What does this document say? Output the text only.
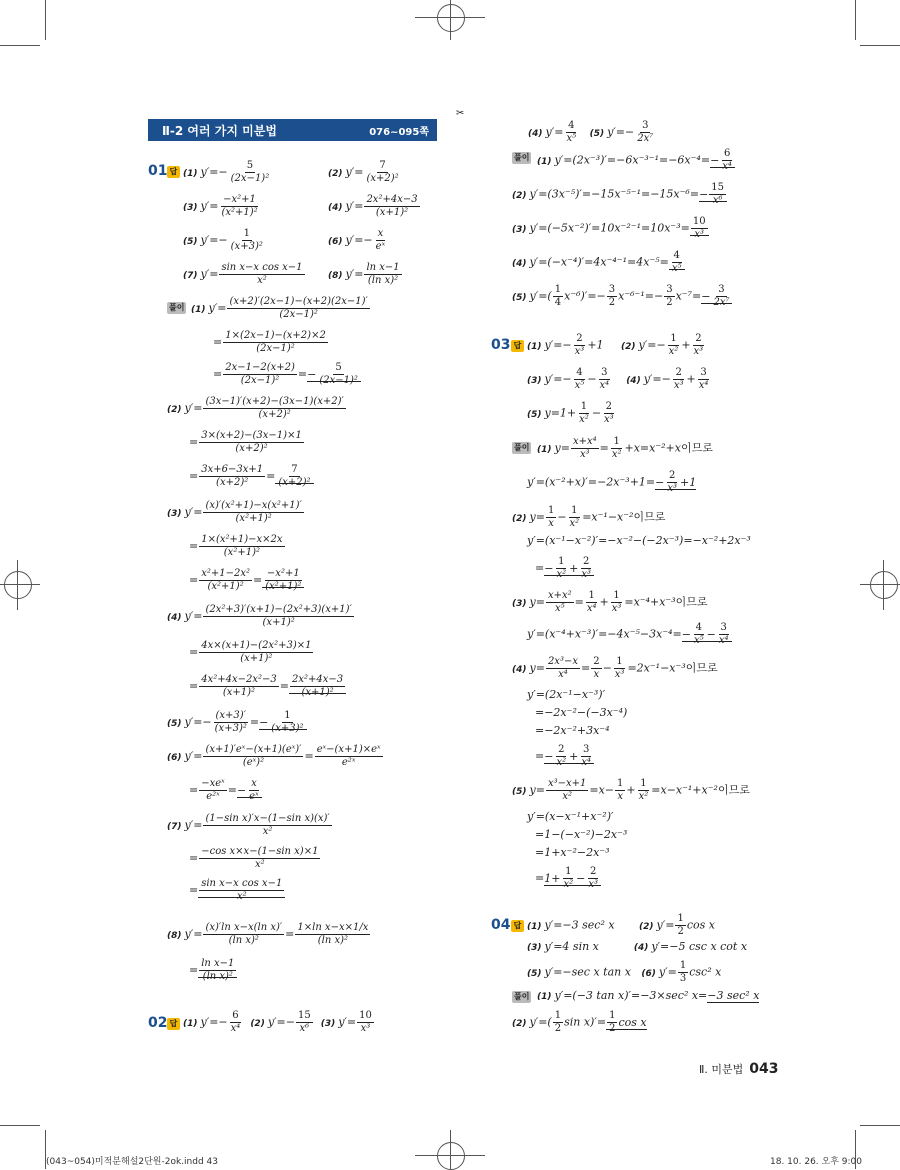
✂
Ⅱ-2 여러 가지 미분법	076~095쪽
01 답 (1) $y'=- \frac{5}{\text{(2x−1)²}}$	(2) $y'= \frac{7}{\text{(x+2)²}}$
(3) $y'= \frac{\text{−x²+1}}{\text{(x²+1)²}}$	(4) $y'= \frac{\text{2x²+4x−3}}{\text{(x+1)²}}$
(5) $y'=- \frac{1}{\text{(x+3)²}}$	(6) $y'=- \frac{x}{\text{eˣ}}$
(7) $y'= \frac{\text{sin x−x cos x−1}}{\text{x²}}$	(8) $y'= \frac{\text{ln x−1}}{\text{(ln x)²}}$
풀이 (1) $y'= \frac{(x+2)'(2x-1)-(x+2)(2x-1)'}{\text{(2x−1)²}}$
= $\frac{1\times(2x-1)-(x+2)\times 2}{\text{(2x−1)²}}$
= $\frac{2x-1-2(x+2)}{\text{(2x−1)²}} =- \frac{5}{\text{(2x−1)²}}$
(2) $y'= \frac{(3x-1)'(x+2)-(3x-1)(x+2)'}{\text{(x+2)²}}$
= $\frac{3\times(x+2)-(3x-1)\times 1}{\text{(x+2)²}}$
= $\frac{3x+6-3x+1}{\text{(x+2)²}} = \frac{7}{\text{(x+2)²}}$
(3) $y'= \frac{\text{(x)′(x²+1)−x(x²+1)′}}{\text{(x²+1)²}}$
= $\frac{\text{1×(x²+1)−x×2x}}{\text{(x²+1)²}}$
= $\frac{\text{x²+1−2x²}}{\text{(x²+1)²}} = \frac{\text{−x²+1}}{\text{(x²+1)²}}$
(4) $y'= \frac{\text{(2x²+3)′(x+1)−(2x²+3)(x+1)′}}{\text{(x+1)²}}$
= $\frac{\text{4x×(x+1)−(2x²+3)×1}}{\text{(x+1)²}}$
= $\frac{\text{4x²+4x−2x²−3}}{\text{(x+1)²}} = \frac{\text{2x²+4x−3}}{\text{(x+1)²}}$
(5) $y'=- \frac{(x+3)'}{\text{(x+3)²}} =- \frac{1}{\text{(x+3)²}}$
(6) $y'= \frac{\text{(x+1)′eˣ−(x+1)(eˣ)′}}{\text{(eˣ)²}} = \frac{\text{eˣ−(x+1)×eˣ}}{\text{e²ˣ}}$
= −xeˣ
e²ˣ =− $\frac{x}{\text{eˣ}}$
(7) $y'= \frac{\text{(1−sin x)′x−(1−sin x)(x)′}}{\text{x²}}$
= $\frac{\text{−cos x×x−(1−sin x)×1}}{\text{x²}}$
= $\frac{\text{sin x−x cos x−1}}{\text{x²}}$
(8) $y'= \frac{\text{(x)′ln x−x(ln x)′}}{\text{(ln x)²}} = \frac{\text{1×ln x−x×1/x}}{\text{(ln x)²}}$
= $\frac{\text{ln x−1}}{\text{(ln x)²}}$
02 답 (1) $y'=- \frac{6}{\text{x⁴}} (2)$ $y'=- \frac{15}{\text{x⁶}} (3)$ $y'= \frac{10}{\text{x³}}$
(4) $y'= \frac{4}{\text{x⁵}} (5)$ $y'=- \frac{3}{\text{2x⁷}}$
풀이 (1) $y'=(2x^{-3})'=-6x^{-3-1}=-6x^{-4}=- \frac{6}{\text{x⁴}}$
(2) $y'=(3x^{-5})'=-15x^{-5-1}=-15x^{-6}=- \frac{15}{\text{x⁶}}$
(3) $y'=(-5x^{-2})'=10x^{-2-1}=10x^{-3}= \frac{10}{\text{x³}}$
(4) $y'=(-x^{-4})'=4x^{-4-1}=4x^{-5}= \frac{4}{\text{x⁵}}$
(5) $y'=( \frac{1}{4} x^{-6})'=- \frac{3}{2} x^{-6-1}=- \frac{3}{2} x^{-7}=- \frac{3}{\text{2x⁷}}$
03 답 (1) $y'=- \frac{2}{\text{x³}} +1$     (2) $y'=- \frac{1}{\text{x²}} + \frac{2}{\text{x³}}$
(3) $y'=- \frac{4}{\text{x⁵}} - \frac{3}{\text{x⁴}} (4)$ $y'=- \frac{2}{\text{x³}} + \frac{3}{\text{x⁴}}$
(5) $y=1+ \frac{1}{\text{x²}} - \frac{2}{\text{x³}}$
풀이 (1) $y= \frac{\text{x+x⁴}}{\text{x³}} = \frac{1}{\text{x²}} +x=x^{-2}+x$이므로
$y'=(x^{-2}+x)'=-2x^{-3}+1=- \frac{2}{\text{x³}} +1$
(2) $y= \frac{1}{x} - \frac{1}{\text{x²}} =x^{-1}-x^{-2}$이므로
y′=(x⁻¹−x⁻²)′=−x⁻²−(−2x⁻³)=−x⁻²+2x⁻³
=− $\frac{1}{\text{x²}} + \frac{2}{\text{x³}}$
(3) $y= \frac{\text{x+x²}}{\text{x⁵}} = \frac{1}{\text{x⁴}} + \frac{1}{\text{x³}} =x^{-4}+x^{-3}$이므로
$y'=(x^{-4}+x^{-3})'=-4x^{-5}-3x^{-4}=- \frac{4}{\text{x⁵}} - \frac{3}{\text{x⁴}}$
(4) $y= \frac{\text{2x³−x}}{\text{x⁴}} = \frac{2}{x} - \frac{1}{\text{x³}} =2x^{-1}-x^{-3}$이므로
y′=(2x⁻¹−x⁻³)′
=−2x⁻²−(−3x⁻⁴)
=−2x⁻²+3x⁻⁴
=− $\frac{2}{\text{x²}} + \frac{3}{\text{x⁴}}$
(5) $y= \frac{\text{x³−x+1}}{\text{x²}} =x- \frac{1}{x} + \frac{1}{\text{x²}} =x-x^{-1}+x^{-2}$이므로
y′=(x−x⁻¹+x⁻²)′
=1−(−x⁻²)−2x⁻³
=1+x⁻²−2x⁻³
$=1+ \frac{1}{\text{x²}} - \frac{2}{\text{x³}}$
04 답 (1) y′=−3 sec² x       (2) $y'= \frac{1}{2}$ cos x
(3) y′=4 sin x          (4) y′=−5 csc x cot x
(5) y′=−sec x tan x   (6) $y'= \frac{1}{3} \csc^2$ x
풀이 (1) y′=(−3 tan x)′=−3×sec² x=−3 sec² x
(2) $y'=( \frac{1}{2}$ $\sin x)'= \frac{1}{2}$ cos x
Ⅱ. 미분법 043
(043~054)미적분해설2단원-2ok.indd 43	18. 10. 26. 오후 9:00
